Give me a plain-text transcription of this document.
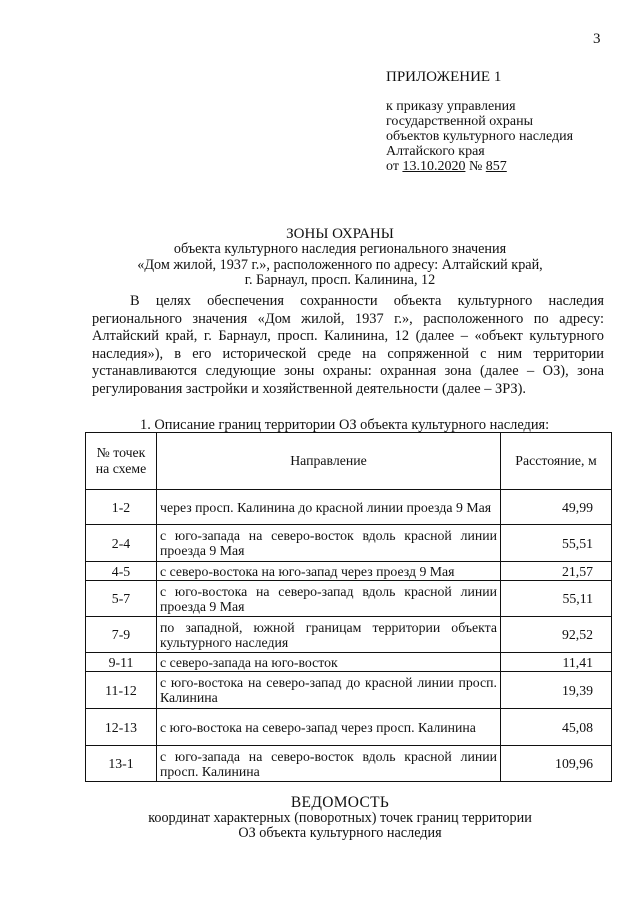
3
ПРИЛОЖЕНИЕ 1
к приказу управления
государственной охраны
объектов культурного наследия
Алтайского края
от 13.10.2020 № 857
ЗОНЫ ОХРАНЫ
объекта культурного наследия регионального значения
«Дом жилой, 1937 г.», расположенного по адресу: Алтайский край,
г. Барнаул, просп. Калинина, 12

В целях обеспечения сохранности объекта культурного наследия регионального значения «Дом жилой, 1937 г.», расположенного по адресу: Алтайский край, г. Барнаул, просп. Калинина, 12 (далее – «объект культурного наследия»), в его исторической среде на сопряженной с ним территории устанавливаются следующие зоны охраны: охранная зона (далее – ОЗ), зона регулирования застройки и хозяйственной деятельности (далее – ЗРЗ).

1. Описание границ территории ОЗ объекта культурного наследия:
№ точек на схеме	Направление	Расстояние, м
1-2	через просп. Калинина до красной линии проезда 9 Мая	49,99
2-4	с юго-запада на северо-восток вдоль красной линии проезда 9 Мая	55,51
4-5	с северо-востока на юго-запад через проезд 9 Мая	21,57
5-7	с юго-востока на северо-запад вдоль красной линии проезда 9 Мая	55,11
7-9	по западной, южной границам территории объекта культурного наследия	92,52
9-11	с северо-запада на юго-восток	11,41
11-12	с юго-востока на северо-запад до красной линии просп. Калинина	19,39
12-13	с юго-востока на северо-запад через просп. Калинина	45,08
13-1	с юго-запада на северо-восток вдоль красной линии просп. Калинина	109,96
ВЕДОМОСТЬ
координат характерных (поворотных) точек границ территории
ОЗ объекта культурного наследия
